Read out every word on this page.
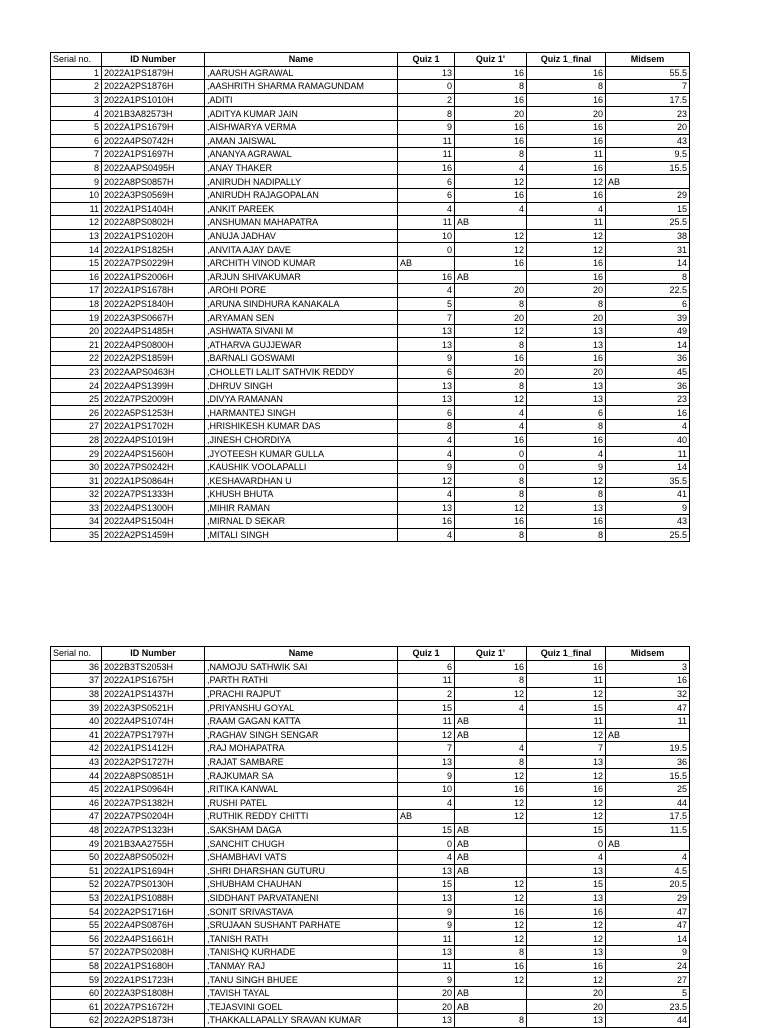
Serial no.	ID Number	Name	Quiz 1	Quiz 1'	Quiz 1_final	Midsem
1	2022A1PS1879H	,AARUSH AGRAWAL	13	16	16	55.5
2	2022A2PS1876H	,AASHRITH SHARMA RAMAGUNDAM	0	8	8	7
3	2022A1PS1010H	,ADITI	2	16	16	17.5
4	2021B3A82573H	,ADITYA KUMAR JAIN	8	20	20	23
5	2022A1PS1679H	,AISHWARYA VERMA	9	16	16	20
6	2022A4PS0742H	,AMAN JAISWAL	11	16	16	43
7	2022A1PS1697H	,ANANYA AGRAWAL	11	8	11	9.5
8	2022AAPS0495H	,ANAY THAKER	16	4	16	15.5
9	2022A8PS0857H	,ANIRUDH NADIPALLY	6	12	12	AB
10	2022A3PS0569H	,ANIRUDH RAJAGOPALAN	6	16	16	29
11	2022A1PS1404H	,ANKIT PAREEK	4	4	4	15
12	2022A8PS0802H	,ANSHUMAN MAHAPATRA	11	AB	11	25.5
13	2022A1PS1020H	,ANUJA JADHAV	10	12	12	38
14	2022A1PS1825H	,ANVITA AJAY DAVE	0	12	12	31
15	2022A7PS0229H	,ARCHITH VINOD KUMAR	AB	16	16	14
16	2022A1PS2006H	,ARJUN SHIVAKUMAR	16	AB	16	8
17	2022A1PS1678H	,AROHI PORE	4	20	20	22.5
18	2022A2PS1840H	,ARUNA SINDHURA KANAKALA	5	8	8	6
19	2022A3PS0667H	,ARYAMAN SEN	7	20	20	39
20	2022A4PS1485H	,ASHWATA SIVANI M	13	12	13	49
21	2022A4PS0800H	,ATHARVA GUJJEWAR	13	8	13	14
22	2022A2PS1859H	,BARNALI GOSWAMI	9	16	16	36
23	2022AAPS0463H	,CHOLLETI LALIT SATHVIK REDDY	6	20	20	45
24	2022A4PS1399H	,DHRUV SINGH	13	8	13	36
25	2022A7PS2009H	,DIVYA RAMANAN	13	12	13	23
26	2022A5PS1253H	,HARMANTEJ SINGH	6	4	6	16
27	2022A1PS1702H	,HRISHIKESH KUMAR DAS	8	4	8	4
28	2022A4PS1019H	,JINESH CHORDIYA	4	16	16	40
29	2022A4PS1560H	,JYOTEESH KUMAR GULLA	4	0	4	11
30	2022A7PS0242H	,KAUSHIK VOOLAPALLI	9	0	9	14
31	2022A1PS0864H	,KESHAVARDHAN U	12	8	12	35.5
32	2022A7PS1333H	,KHUSH BHUTA	4	8	8	41
33	2022A4PS1300H	,MIHIR RAMAN	13	12	13	9
34	2022A4PS1504H	,MIRNAL D SEKAR	16	16	16	43
35	2022A2PS1459H	,MITALI SINGH	4	8	8	25.5
Serial no.	ID Number	Name	Quiz 1	Quiz 1'	Quiz 1_final	Midsem
36	2022B3TS2053H	,NAMOJU SATHWIK SAI	6	16	16	3
37	2022A1PS1675H	,PARTH RATHI	11	8	11	16
38	2022A1PS1437H	,PRACHI RAJPUT	2	12	12	32
39	2022A3PS0521H	,PRIYANSHU GOYAL	15	4	15	47
40	2022A4PS1074H	,RAAM GAGAN KATTA	11	AB	11	11
41	2022A7PS1797H	,RAGHAV SINGH SENGAR	12	AB	12	AB
42	2022A1PS1412H	,RAJ MOHAPATRA	7	4	7	19.5
43	2022A2PS1727H	,RAJAT SAMBARE	13	8	13	36
44	2022A8PS0851H	,RAJKUMAR SA	9	12	12	15.5
45	2022A1PS0964H	,RITIKA KANWAL	10	16	16	25
46	2022A7PS1382H	,RUSHI PATEL	4	12	12	44
47	2022A7PS0204H	,RUTHIK REDDY CHITTI	AB	12	12	17.5
48	2022A7PS1323H	,SAKSHAM DAGA	15	AB	15	11.5
49	2021B3AA2755H	,SANCHIT CHUGH	0	AB	0	AB
50	2022A8PS0502H	,SHAMBHAVI VATS	4	AB	4	4
51	2022A1PS1694H	,SHRI DHARSHAN GUTURU	13	AB	13	4.5
52	2022A7PS0130H	,SHUBHAM CHAUHAN	15	12	15	20.5
53	2022A1PS1088H	,SIDDHANT PARVATANENI	13	12	13	29
54	2022A2PS1716H	,SONIT SRIVASTAVA	9	16	16	47
55	2022A4PS0876H	,SRUJAAN SUSHANT PARHATE	9	12	12	47
56	2022A4PS1661H	,TANISH RATH	11	12	12	14
57	2022A7PS0208H	,TANISHQ KURHADE	13	8	13	9
58	2022A1PS1680H	,TANMAY RAJ	11	16	16	24
59	2022A1PS1723H	,TANU SINGH BHUEE	9	12	12	27
60	2022A3PS1808H	,TAVISH TAYAL	20	AB	20	5
61	2022A7PS1672H	,TEJASVINI GOEL	20	AB	20	23.5
62	2022A2PS1873H	,THAKKALLAPALLY SRAVAN KUMAR	13	8	13	44
